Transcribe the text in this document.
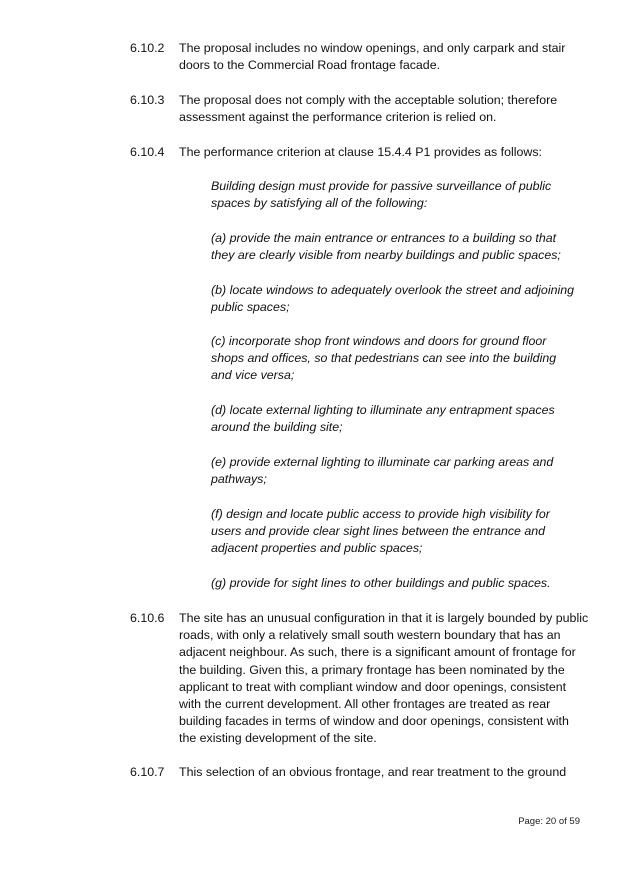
6.10.2 The proposal includes no window openings, and only carpark and stair
doors to the Commercial Road frontage facade.
6.10.3 The proposal does not comply with the acceptable solution; therefore
assessment against the performance criterion is relied on.
6.10.4 The performance criterion at clause 15.4.4 P1 provides as follows:
Building design must provide for passive surveillance of public
spaces by satisfying all of the following:
(a) provide the main entrance or entrances to a building so that
they are clearly visible from nearby buildings and public spaces;
(b) locate windows to adequately overlook the street and adjoining
public spaces;
(c) incorporate shop front windows and doors for ground floor
shops and offices, so that pedestrians can see into the building
and vice versa;
(d) locate external lighting to illuminate any entrapment spaces
around the building site;
(e) provide external lighting to illuminate car parking areas and
pathways;
(f) design and locate public access to provide high visibility for
users and provide clear sight lines between the entrance and
adjacent properties and public spaces;
(g) provide for sight lines to other buildings and public spaces.
6.10.6 The site has an unusual configuration in that it is largely bounded by public
roads, with only a relatively small south western boundary that has an
adjacent neighbour. As such, there is a significant amount of frontage for
the building. Given this, a primary frontage has been nominated by the
applicant to treat with compliant window and door openings, consistent
with the current development. All other frontages are treated as rear
building facades in terms of window and door openings, consistent with
the existing development of the site.
6.10.7 This selection of an obvious frontage, and rear treatment to the ground
Page: 20 of 59
